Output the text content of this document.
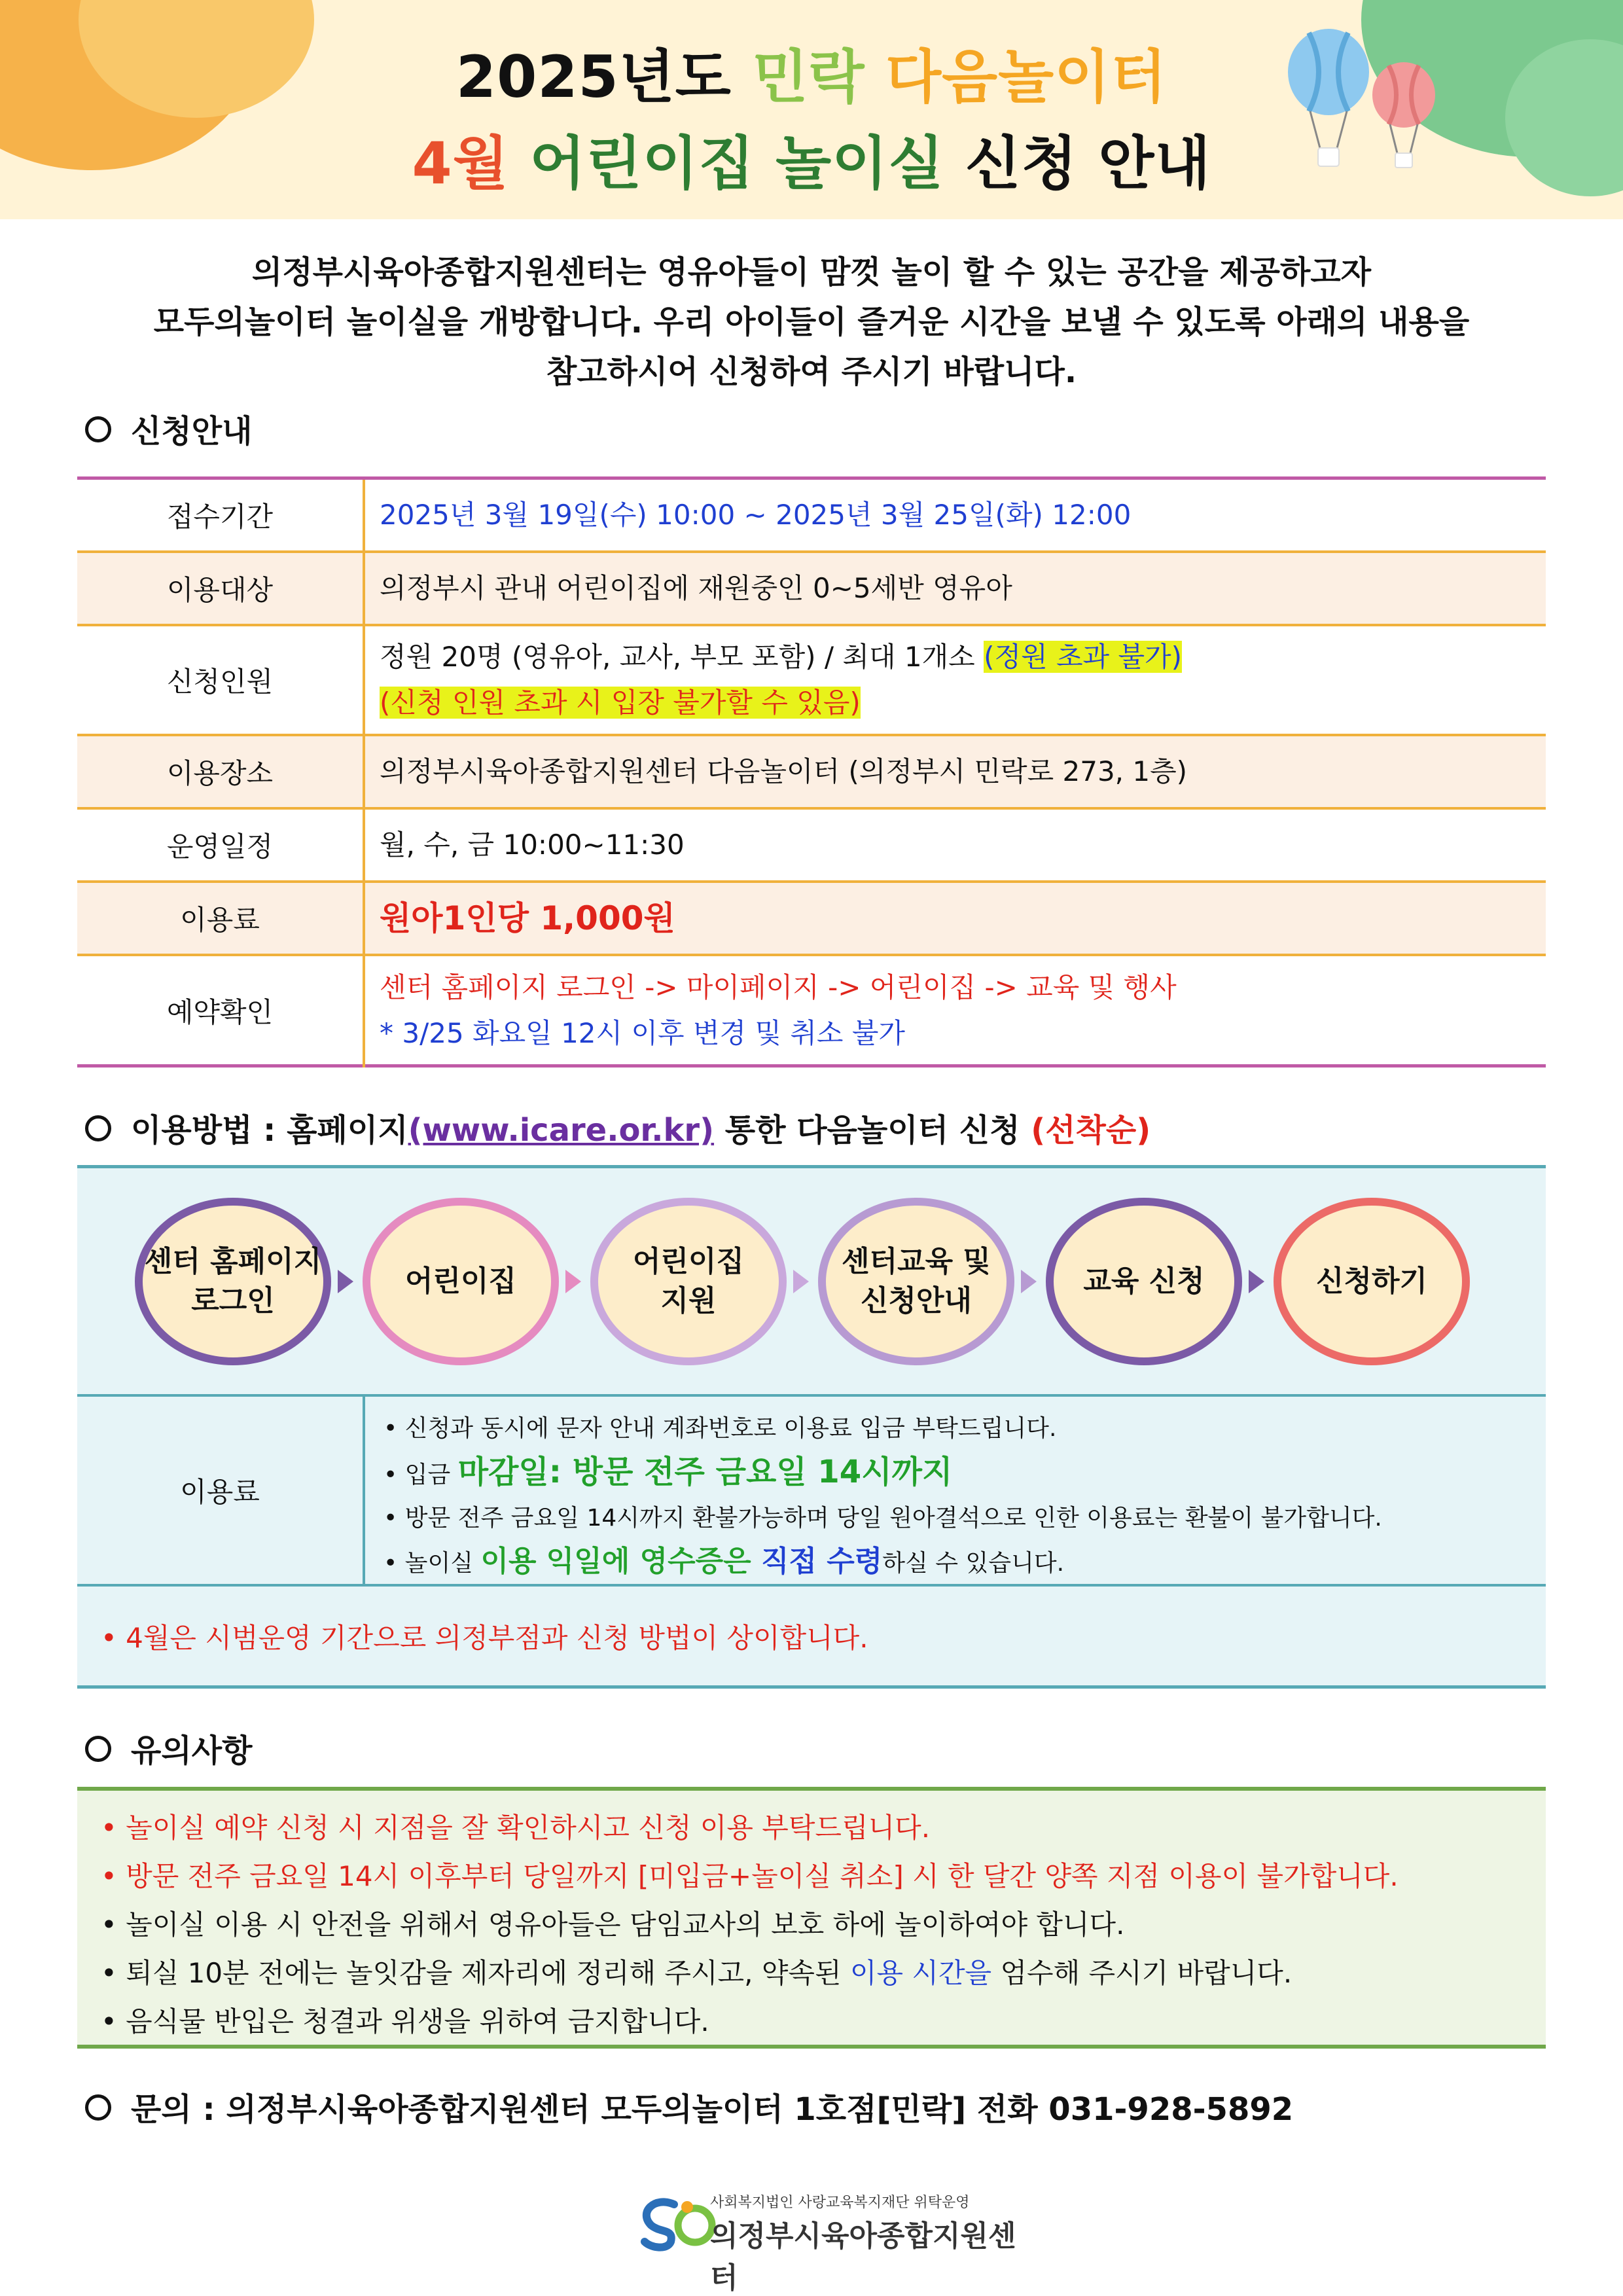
2025년도 민락 다음놀이터
4월 어린이집 놀이실 신청 안내
의정부시육아종합지원센터는 영유아들이 맘껏 놀이 할 수 있는 공간을 제공하고자
모두의놀이터 놀이실을 개방합니다. 우리 아이들이 즐거운 시간을 보낼 수 있도록 아래의 내용을
참고하시어 신청하여 주시기 바랍니다.
신청안내
접수기간	2025년 3월 19일(수) 10:00 ~ 2025년 3월 25일(화) 12:00
이용대상	의정부시 관내 어린이집에 재원중인 0~5세반 영유아
신청인원
정원 20명 (영유아, 교사, 부모 포함) / 최대 1개소 (정원 초과 불가)
(신청 인원 초과 시 입장 불가할 수 있음)
이용장소	의정부시육아종합지원센터 다음놀이터 (의정부시 민락로 273, 1층)
운영일정	월, 수, 금 10:00~11:30
이용료	원아1인당 1,000원
예약확인
센터 홈페이지 로그인 -> 마이페이지 -> 어린이집 -> 교육 및 행사
* 3/25 화요일 12시 이후 변경 및 취소 불가
이용방법 : 홈페이지(www.icare.or.kr) 통한 다음놀이터 신청 (선착순)
센터 홈페이지
로그인
어린이집
어린이집
지원
센터교육 및
신청안내
교육 신청	신청하기
이용료
• 신청과 동시에 문자 안내 계좌번호로 이용료 입금 부탁드립니다.
• 입금 마감일: 방문 전주 금요일 14시까지
• 방문 전주 금요일 14시까지 환불가능하며 당일 원아결석으로 인한 이용료는 환불이 불가합니다.
• 놀이실 이용 익일에 영수증은 직접 수령하실 수 있습니다.
• 4월은 시범운영 기간으로 의정부점과 신청 방법이 상이합니다.
유의사항
• 놀이실 예약 신청 시 지점을 잘 확인하시고 신청 이용 부탁드립니다.
• 방문 전주 금요일 14시 이후부터 당일까지 [미입금+놀이실 취소] 시 한 달간 양쪽 지점 이용이 불가합니다.
• 놀이실 이용 시 안전을 위해서 영유아들은 담임교사의 보호 하에 놀이하여야 합니다.
• 퇴실 10분 전에는 놀잇감을 제자리에 정리해 주시고, 약속된 이용 시간을 엄수해 주시기 바랍니다.
• 음식물 반입은 청결과 위생을 위하여 금지합니다.
문의 : 의정부시육아종합지원센터 모두의놀이터 1호점[민락] 전화 031-928-5892
사회복지법인 사랑교육복지재단 위탁운영
의정부시육아종합지원센터
